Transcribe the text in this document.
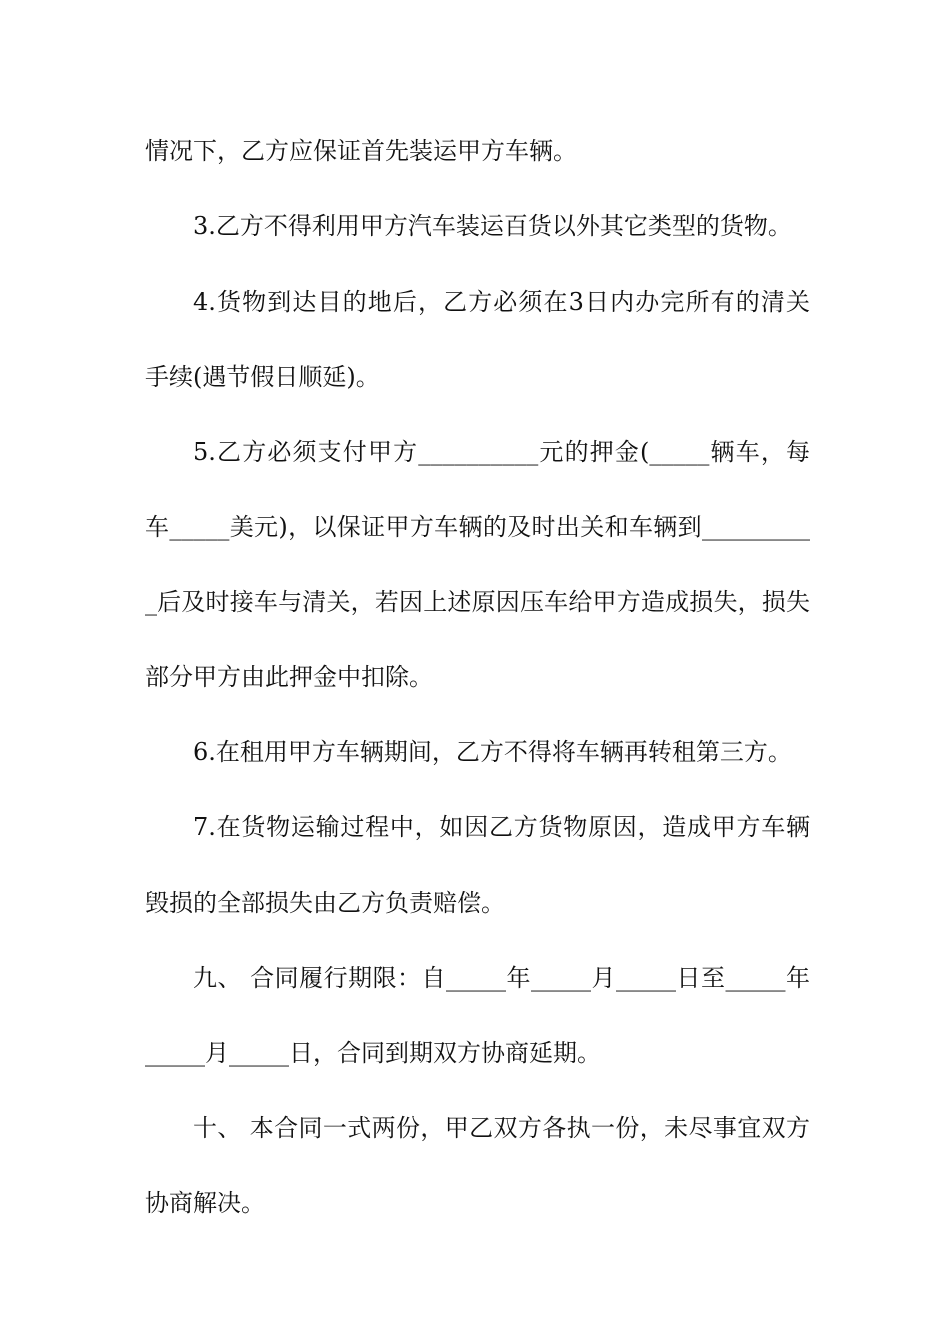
情况下，乙方应保证首先装运甲方车辆。
3.乙方不得利用甲方汽车装运百货以外其它类型的货物。
4.货物到达目的地后，乙方必须在3日内办完所有的清关
手续(遇节假日顺延)。
5.乙方必须支付甲方__________元的押金(_____辆车，每
车_____美元)，以保证甲方车辆的及时出关和车辆到_________
_后及时接车与清关，若因上述原因压车给甲方造成损失，损失
部分甲方由此押金中扣除。
6.在租用甲方车辆期间，乙方不得将车辆再转租第三方。
7.在货物运输过程中，如因乙方货物原因，造成甲方车辆
毁损的全部损失由乙方负责赔偿。
九、 合同履行期限：自_____年_____月_____日至_____年
_____月_____日，合同到期双方协商延期。
十、 本合同一式两份，甲乙双方各执一份，未尽事宜双方
协商解决。
